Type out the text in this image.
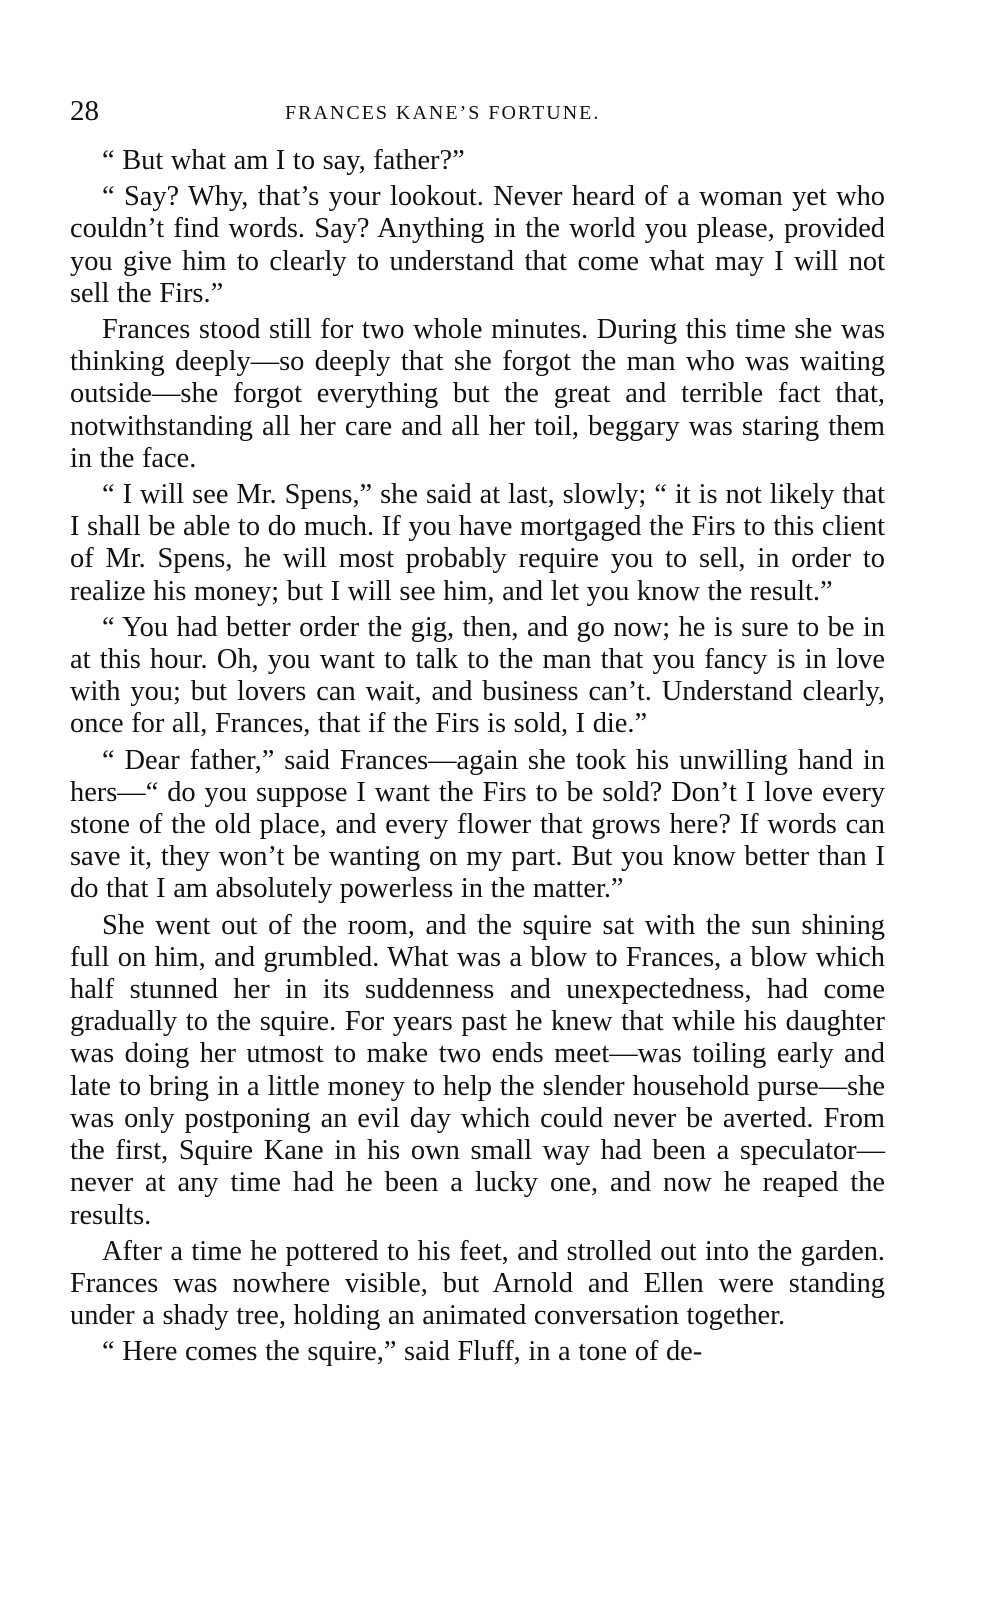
28	FRANCES KANE’S FORTUNE.

“ But what am I to say, father?”

“ Say? Why, that’s your lookout. Never heard of a woman yet who couldn’t find words. Say? Anything in the world you please, provided you give him to clearly to understand that come what may I will not sell the Firs.”

Frances stood still for two whole minutes. During this time she was thinking deeply—so deeply that she forgot the man who was waiting outside—she forgot everything but the great and terrible fact that, notwithstanding all her care and all her toil, beggary was staring them in the face.

“ I will see Mr. Spens,” she said at last, slowly; “ it is not likely that I shall be able to do much. If you have mortgaged the Firs to this client of Mr. Spens, he will most probably require you to sell, in order to realize his money; but I will see him, and let you know the result.”

“ You had better order the gig, then, and go now; he is sure to be in at this hour. Oh, you want to talk to the man that you fancy is in love with you; but lovers can wait, and business can’t. Understand clearly, once for all, Frances, that if the Firs is sold, I die.”

“ Dear father,” said Frances—again she took his unwilling hand in hers—“ do you suppose I want the Firs to be sold? Don’t I love every stone of the old place, and every flower that grows here? If words can save it, they won’t be wanting on my part. But you know better than I do that I am absolutely powerless in the matter.”

She went out of the room, and the squire sat with the sun shining full on him, and grumbled. What was a blow to Frances, a blow which half stunned her in its suddenness and unexpectedness, had come gradually to the squire. For years past he knew that while his daughter was doing her utmost to make two ends meet—was toiling early and late to bring in a little money to help the slender household purse—she was only postponing an evil day which could never be averted. From the first, Squire Kane in his own small way had been a speculator—never at any time had he been a lucky one, and now he reaped the results.

After a time he pottered to his feet, and strolled out into the garden. Frances was nowhere visible, but Arnold and Ellen were standing under a shady tree, holding an animated conversation together.

“ Here comes the squire,” said Fluff, in a tone of de-
